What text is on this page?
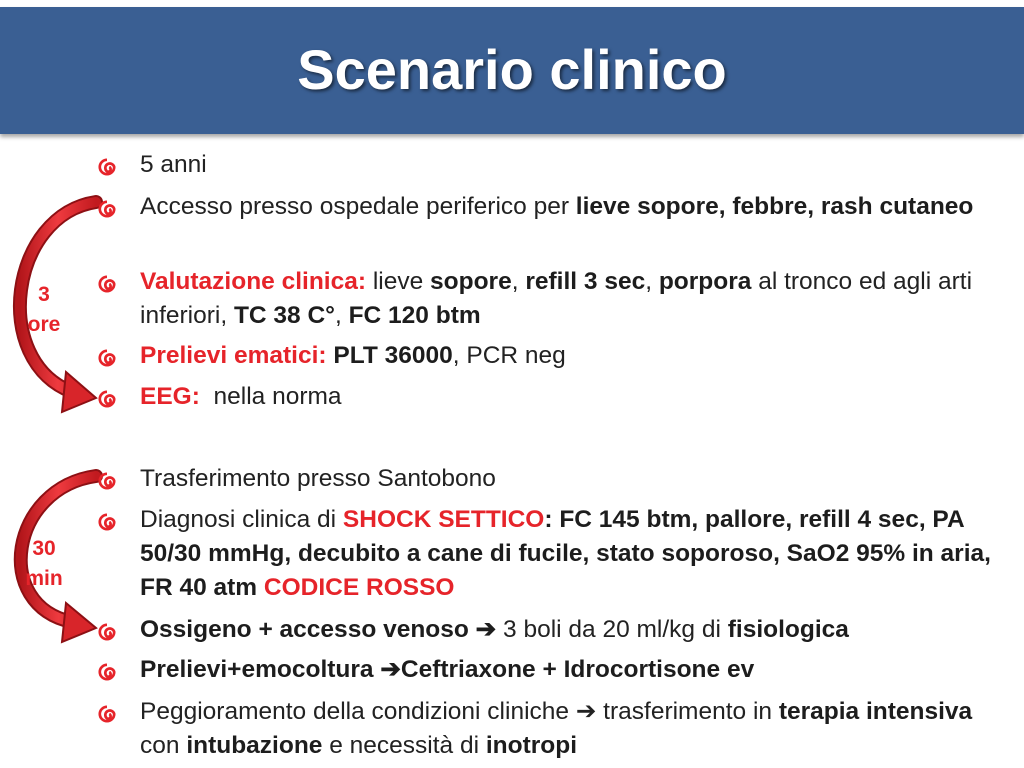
Scenario clinico
3
ore
30
min
5 anni
Accesso presso ospedale periferico per lieve sopore, febbre, rash cutaneo
Valutazione clinica: lieve sopore, refill 3 sec, porpora al tronco ed agli arti inferiori, TC 38 C°, FC 120 btm
Prelievi ematici: PLT 36000, PCR neg
EEG:  nella norma
Trasferimento presso Santobono
Diagnosi clinica di SHOCK SETTICO: FC 145 btm, pallore, refill 4 sec, PA 50/30 mmHg, decubito a cane di fucile, stato soporoso, SaO2 95% in aria, FR 40 atm CODICE ROSSO
Ossigeno + accesso venoso ➔ 3 boli da 20 ml/kg di fisiologica
Prelievi+emocoltura ➔Ceftriaxone + Idrocortisone ev
Peggioramento della condizioni cliniche ➔ trasferimento in terapia intensiva con intubazione e necessità di inotropi
